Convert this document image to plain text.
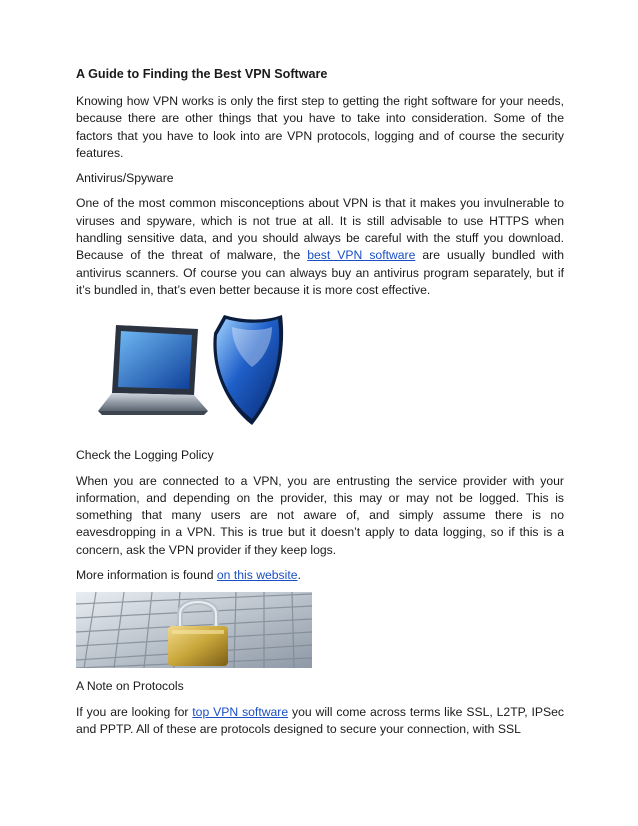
A Guide to Finding the Best VPN Software

Knowing how VPN works is only the first step to getting the right software for your needs, because there are other things that you have to take into consideration. Some of the factors that you have to look into are VPN protocols, logging and of course the security features.

Antivirus/Spyware

One of the most common misconceptions about VPN is that it makes you invulnerable to viruses and spyware, which is not true at all. It is still advisable to use HTTPS when handling sensitive data, and you should always be careful with the stuff you download. Because of the threat of malware, the best VPN software are usually bundled with antivirus scanners. Of course you can always buy an antivirus program separately, but if it’s bundled in, that’s even better because it is more cost effective.

Check the Logging Policy

When you are connected to a VPN, you are entrusting the service provider with your information, and depending on the provider, this may or may not be logged. This is something that many users are not aware of, and simply assume there is no eavesdropping in a VPN. This is true but it doesn’t apply to data logging, so if this is a concern, ask the VPN provider if they keep logs.

More information is found on this website.

A Note on Protocols

If you are looking for top VPN software you will come across terms like SSL, L2TP, IPSec and PPTP. All of these are protocols designed to secure your connection, with SSL
